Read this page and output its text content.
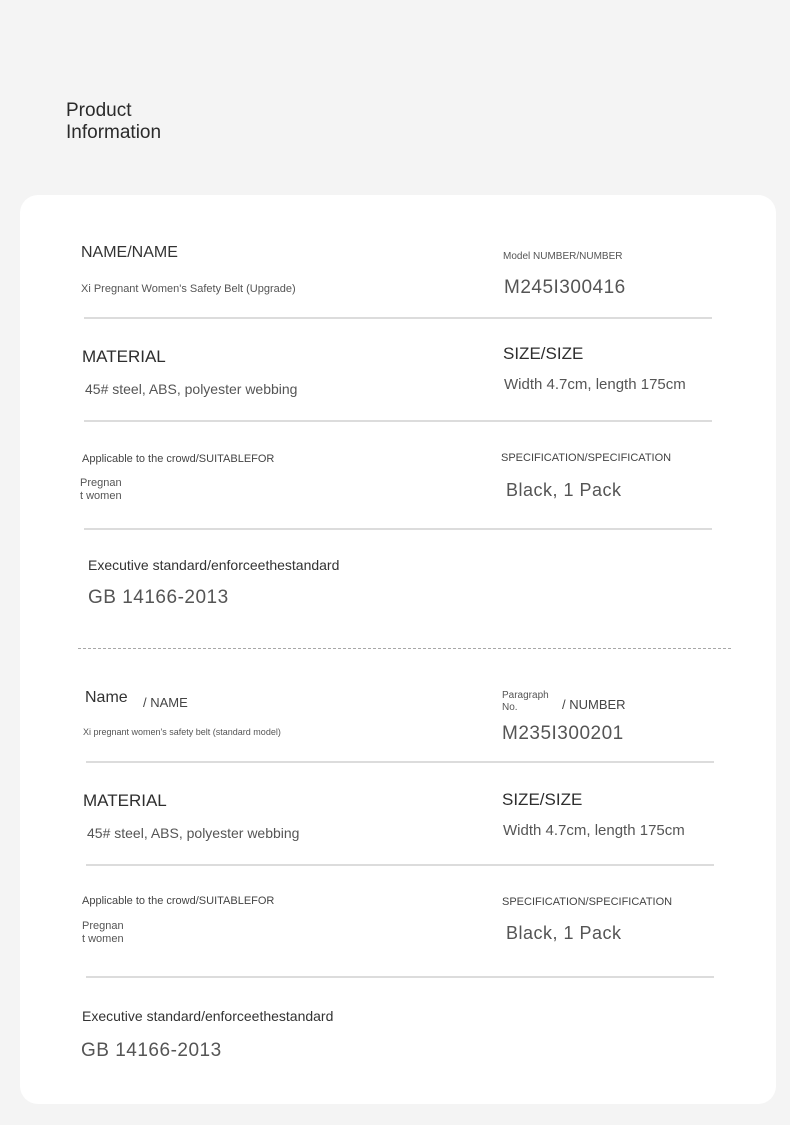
Product
Information
NAME/NAME
Xi Pregnant Women's Safety Belt (Upgrade)
Model NUMBER/NUMBER
M245I300416
MATERIAL
45# steel, ABS, polyester webbing
SIZE/SIZE
Width 4.7cm, length 175cm
Applicable to the crowd/SUITABLEFOR
Pregnan
t women
SPECIFICATION/SPECIFICATION
Black, 1 Pack
Executive standard/enforceethestandard
GB 14166-2013
Name / NAME
Xi pregnant women's safety belt (standard model)
Paragraph
No.	/ NUMBER
M235I300201
MATERIAL
45# steel, ABS, polyester webbing
SIZE/SIZE
Width 4.7cm, length 175cm
Applicable to the crowd/SUITABLEFOR
Pregnan
t women
SPECIFICATION/SPECIFICATION
Black, 1 Pack
Executive standard/enforceethestandard
GB 14166-2013
